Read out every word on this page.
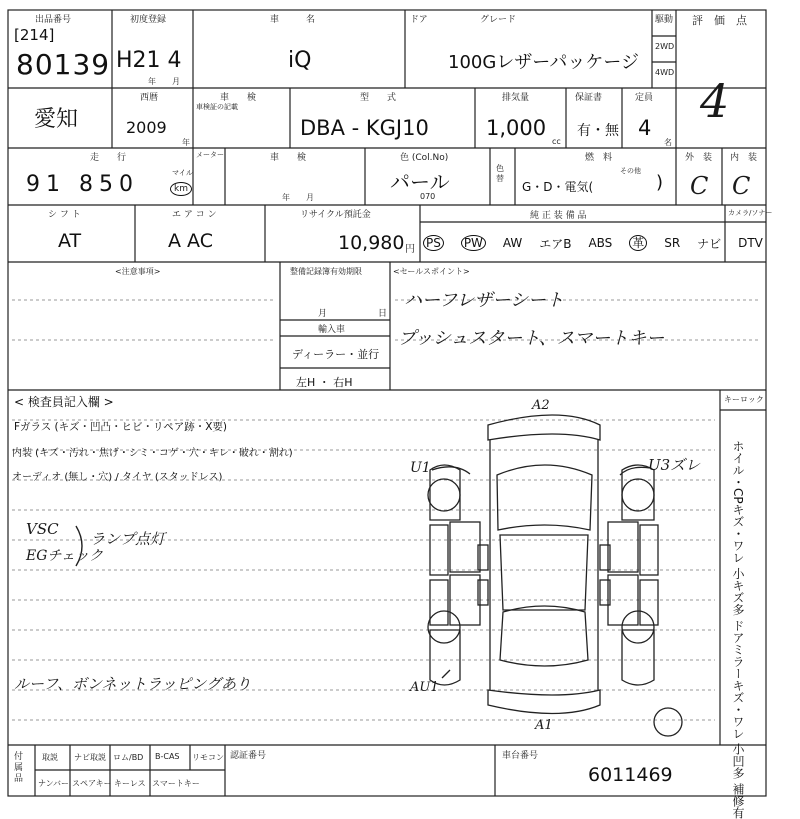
出品番号
[214]
80139
初度登録
H21 4
年　　月
車　　　名
iQ
ドア	グレード
100Gレザーパッケージ
駆動
2WD
4WD
評　価　点
4
愛知
西暦
2009
年
車　　検
車検証の記載
型　　式
DBA - KGJ10
排気量
1,000
cc
保証書
有・無
定員
4
名
走　　行
91 850	マイル
km
メーター	車　　検
年　　月
色 (Col.No)
パール
070
色替
燃　料
G・D・電気(
その他
)
外　装
C
内　装
C
シ フ ト
AT
エ ア コ ン
A AC
リサイクル預託金
10,980 円
純 正 装 備 品	カメラ/ソナー
PS PW AW エアB ABS 革 SR ナビ DTV
<注意事項>	整備記録簿有効期限
月	日
輸入車
ディーラー・並行
左H ・ 右H
<セールスポイント>
ハーフレザーシート
プッシュスタート、スマートキー
< 検査員記入欄 >
Fガラス (キズ・凹凸・ヒビ・リペア跡・X要)
内装 (キズ・汚れ・焦げ・シミ・コゲ・穴・キレ・破れ・割れ)
オーディオ (無し・穴) / タイヤ (スタッドレス)
VSC
EGチェック
ランプ点灯
ルーフ、ボンネットラッピングあり
A2
U1	U3ズレ
AU1
A1
キーロック
ホイル・CPキズ・ワレ 小キズ多 ドアミラーキズ・ワレ 小凹多 補修有
付属品
取説 ナビ取説 ロム/BD B-CAS リモコン
ナンバー スペアキー キーレス スマートキー
認証番号	車台番号
6011469
